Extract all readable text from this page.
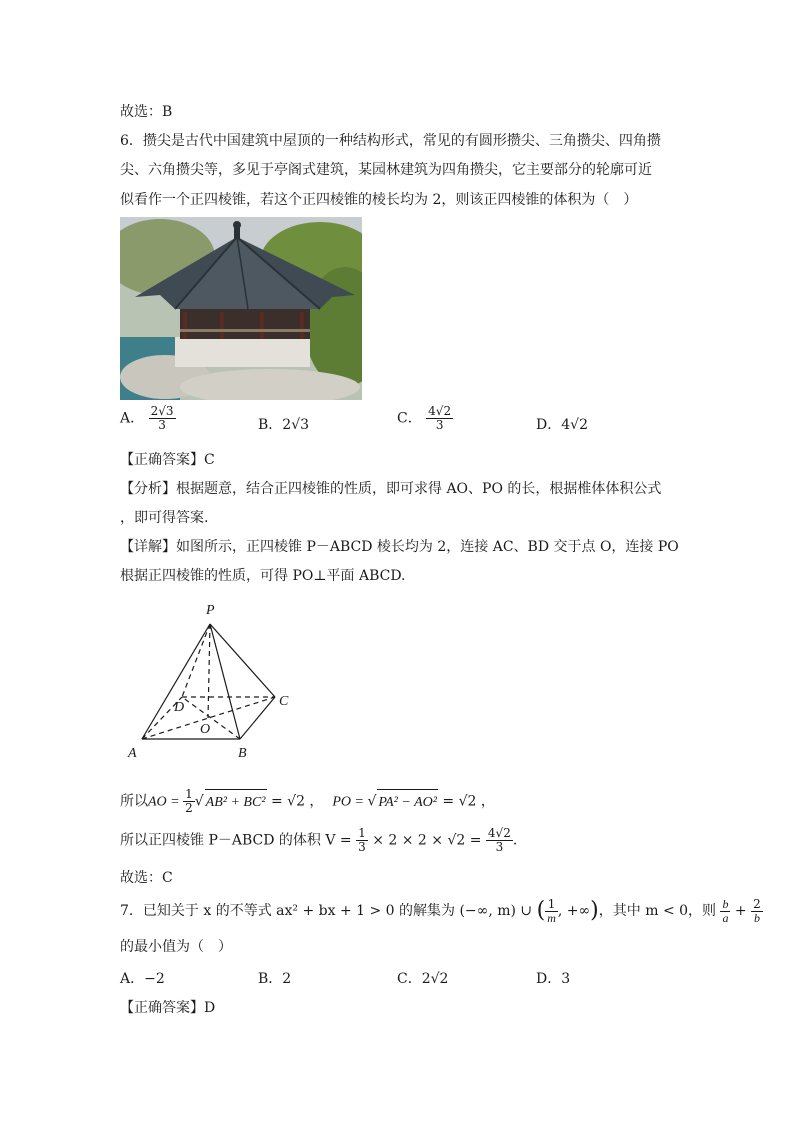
故选：B
6．攒尖是古代中国建筑中屋顶的一种结构形式，常见的有圆形攒尖、三角攒尖、四角攒
尖、六角攒尖等，多见于亭阁式建筑，某园林建筑为四角攒尖，它主要部分的轮廓可近
似看作一个正四棱锥，若这个正四棱锥的棱长均为 2，则该正四棱锥的体积为（　）
A． $\frac{2√3}{3}$	B．2√3	C． $\frac{4√2}{3}$	D．4√2
【正确答案】C
【分析】根据题意，结合正四棱锥的性质，即可求得 AO、PO 的长，根据椎体体积公式
，即可得答案.
【详解】如图所示，正四棱锥 P－ABCD 棱长均为 2，连接 AC、BD 交于点 O，连接 PO
根据正四棱锥的性质，可得 PO⊥平面 ABCD.
P
A	B
C
D
O
所以AO = $\frac{1}{2}$ √ AB² + BC² = √2 ， PO = √ PA² − AO² = √2 ，
所以正四棱锥 P－ABCD 的体积 $V = \frac{1}{3} \times 2 \times 2 \times √2 = \frac{4√2}{3}$ .
故选：C
7．已知关于 x 的不等式 ax² + bx + 1 > 0 的解集为 (−∞, m) ∪ ( $\frac{1}{m}$ , +∞)，其中 m < 0，则 $\frac{b}{a} + \frac{2}{b}$
的最小值为（　）
A．−2	B．2	C．2√2	D．3
【正确答案】D
